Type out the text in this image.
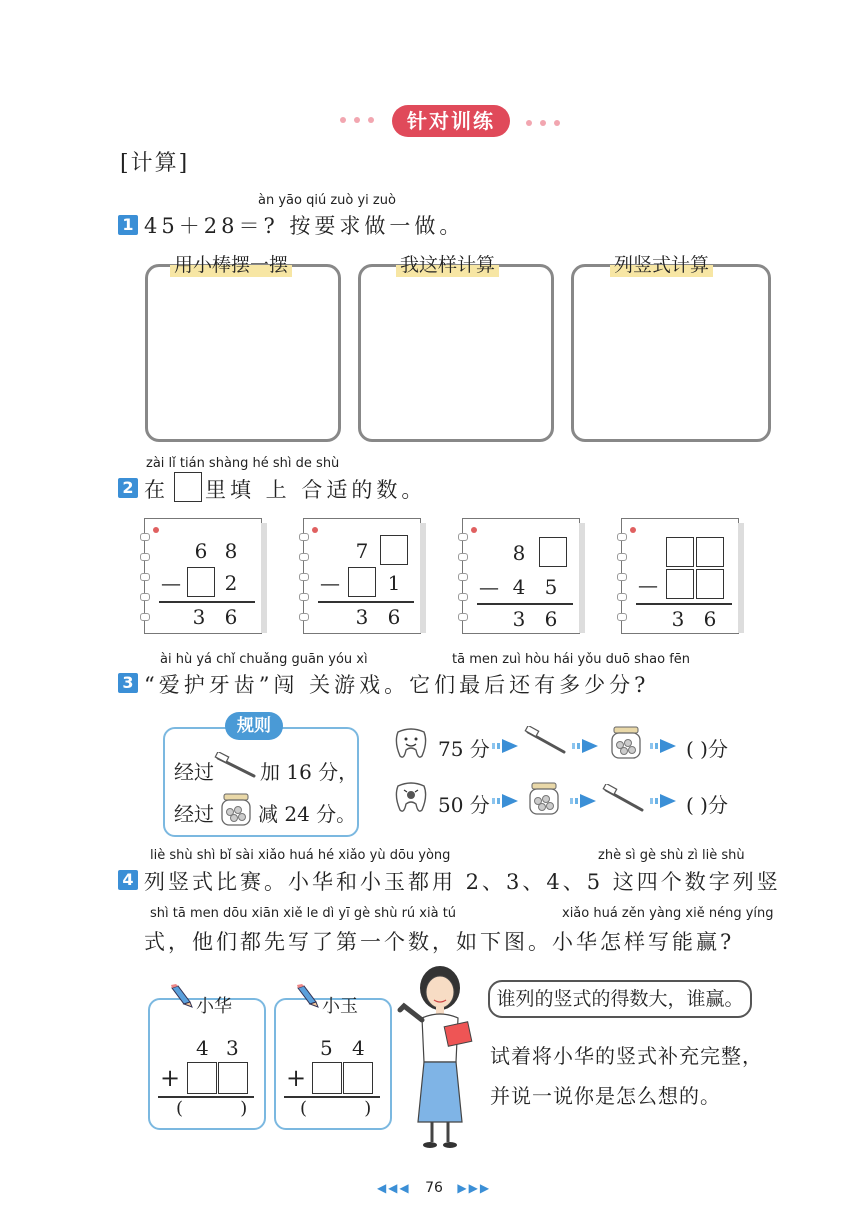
针对训练
[计算]
àn yāo qiú zuò yi zuò
1 45＋28＝? 按要求做一做。
用小棒摆一摆	我这样计算	列竖式计算
zài lǐ tián shàng hé shì de shù
2 在 里填 上 合适的数。
6 8
— 2
3 6
7
— 1
3 6
8
— 4 5
3 6
—
3 6
ài hù yá chǐ chuǎng guān yóu xì	tā men zuì hòu hái yǒu duō shao fēn
3 “爱护牙齿”闯 关游戏。它们最后还有多少分?
规则
经过 加 16 分，
经过 减 24 分。
75 分	( )分
50 分	( )分
liè shù shì bǐ sài xiǎo huá hé xiǎo yù dōu yòng	zhè sì gè shù zì liè shù
4 列竖式比赛。小华和小玉都用 2、3、4、5 这四个数字列竖
shì tā men dōu xiān xiě le dì yī gè shù rú xià tú	xiǎo huá zěn yàng xiě néng yíng
式，他们都先写了第一个数，如下图。小华怎样写能赢?
小华
4 3
+
(          )
小玉
5 4
+
(          )
谁列的竖式的得数大，谁赢。
试着将小华的竖式补充完整，
并说一说你是怎么想的。
◀◀◀ 76 ▶▶▶
